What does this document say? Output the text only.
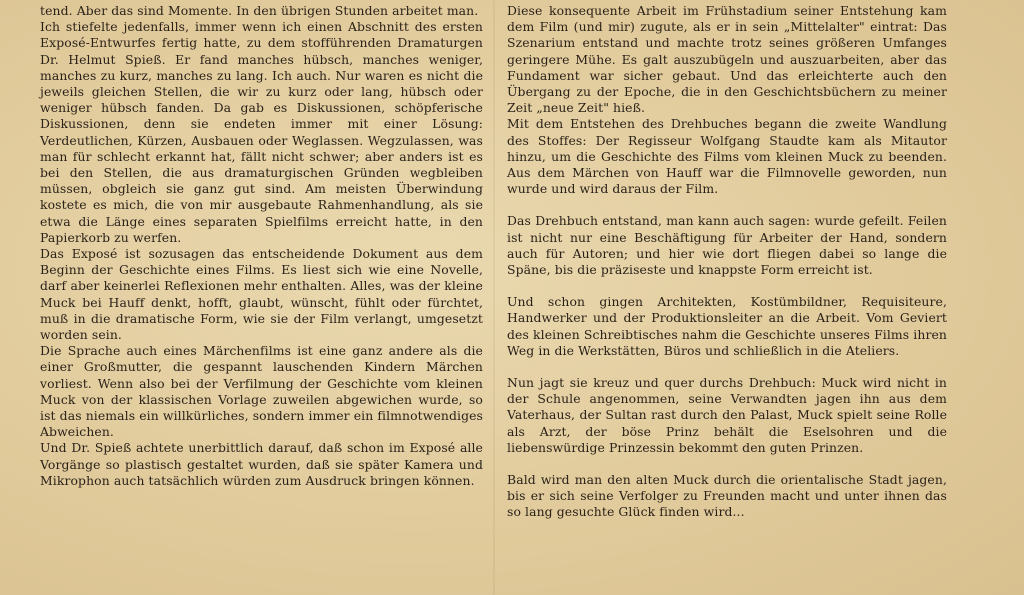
tend. Aber das sind Momente. In den übrigen Stunden arbeitet man.

Ich stiefelte jedenfalls, immer wenn ich einen Abschnitt des ersten Exposé-Entwurfes fertig hatte, zu dem stofführenden Dramaturgen Dr. Helmut Spieß. Er fand manches hübsch, manches weniger, manches zu kurz, manches zu lang. Ich auch. Nur waren es nicht die jeweils gleichen Stellen, die wir zu kurz oder lang, hübsch oder weniger hübsch fanden. Da gab es Diskussionen, schöpferische Diskussionen, denn sie endeten immer mit einer Lösung: Verdeutlichen, Kürzen, Ausbauen oder Weglassen. Wegzulassen, was man für schlecht erkannt hat, fällt nicht schwer; aber anders ist es bei den Stellen, die aus dramaturgischen Gründen wegbleiben müssen, obgleich sie ganz gut sind. Am meisten Überwindung kostete es mich, die von mir ausgebaute Rahmenhandlung, als sie etwa die Länge eines separaten Spielfilms erreicht hatte, in den Papierkorb zu werfen.

Das Exposé ist sozusagen das entscheidende Dokument aus dem Beginn der Geschichte eines Films. Es liest sich wie eine Novelle, darf aber keinerlei Reflexionen mehr enthalten. Alles, was der kleine Muck bei Hauff denkt, hofft, glaubt, wünscht, fühlt oder fürchtet, muß in die dramatische Form, wie sie der Film verlangt, umgesetzt worden sein.

Die Sprache auch eines Märchenfilms ist eine ganz andere als die einer Großmutter, die gespannt lauschenden Kindern Märchen vorliest. Wenn also bei der Verfilmung der Geschichte vom kleinen Muck von der klassischen Vorlage zuweilen abgewichen wurde, so ist das niemals ein willkürliches, sondern immer ein filmnotwendiges Abweichen.

Und Dr. Spieß achtete unerbittlich darauf, daß schon im Exposé alle Vorgänge so plastisch gestaltet wurden, daß sie später Kamera und Mikrophon auch tatsächlich würden zum Ausdruck bringen können.

Diese konsequente Arbeit im Frühstadium seiner Entstehung kam dem Film (und mir) zugute, als er in sein „Mittelalter" eintrat: Das Szenarium entstand und machte trotz seines größeren Umfanges geringere Mühe. Es galt auszubügeln und auszuarbeiten, aber das Fundament war sicher gebaut. Und das erleichterte auch den Übergang zu der Epoche, die in den Geschichtsbüchern zu meiner Zeit „neue Zeit" hieß.

Mit dem Entstehen des Drehbuches begann die zweite Wandlung des Stoffes: Der Regisseur Wolfgang Staudte kam als Mitautor hinzu, um die Geschichte des Films vom kleinen Muck zu beenden. Aus dem Märchen von Hauff war die Filmnovelle geworden, nun wurde und wird daraus der Film.

Das Drehbuch entstand, man kann auch sagen: wurde gefeilt. Feilen ist nicht nur eine Beschäftigung für Arbeiter der Hand, sondern auch für Autoren; und hier wie dort fliegen dabei so lange die Späne, bis die präziseste und knappste Form erreicht ist.

Und schon gingen Architekten, Kostümbildner, Requisiteure, Handwerker und der Produktionsleiter an die Arbeit. Vom Geviert des kleinen Schreibtisches nahm die Geschichte unseres Films ihren Weg in die Werkstätten, Büros und schließlich in die Ateliers.

Nun jagt sie kreuz und quer durchs Drehbuch: Muck wird nicht in der Schule angenommen, seine Verwandten jagen ihn aus dem Vaterhaus, der Sultan rast durch den Palast, Muck spielt seine Rolle als Arzt, der böse Prinz behält die Eselsohren und die liebenswürdige Prinzessin bekommt den guten Prinzen.

Bald wird man den alten Muck durch die orientalische Stadt jagen, bis er sich seine Verfolger zu Freunden macht und unter ihnen das so lang gesuchte Glück finden wird...
